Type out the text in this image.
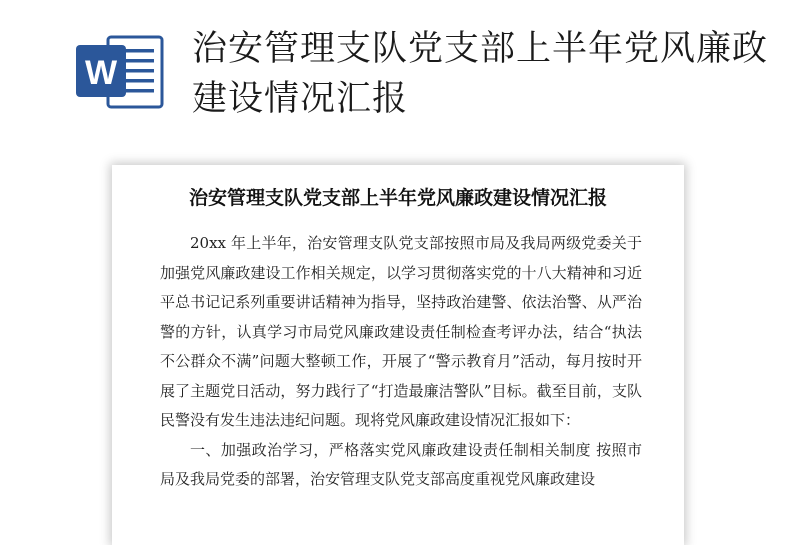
W
治安管理支队党支部上半年党风廉政建设情况汇报
治安管理支队党支部上半年党风廉政建设情况汇报

20xx 年上半年，治安管理支队党支部按照市局及我局两级党委关于加强党风廉政建设工作相关规定，以学习贯彻落实党的十八大精神和习近平总书记记系列重要讲话精神为指导，坚持政治建警、依法治警、从严治警的方针，认真学习市局党风廉政建设责任制检查考评办法，结合“执法不公群众不满”问题大整顿工作，开展了“警示教育月”活动，每月按时开展了主题党日活动，努力践行了“打造最廉洁警队”目标。截至目前，支队民警没有发生违法违纪问题。现将党风廉政建设情况汇报如下：

一、加强政治学习，严格落实党风廉政建设责任制相关制度 按照市局及我局党委的部署，治安管理支队党支部高度重视党风廉政建设
